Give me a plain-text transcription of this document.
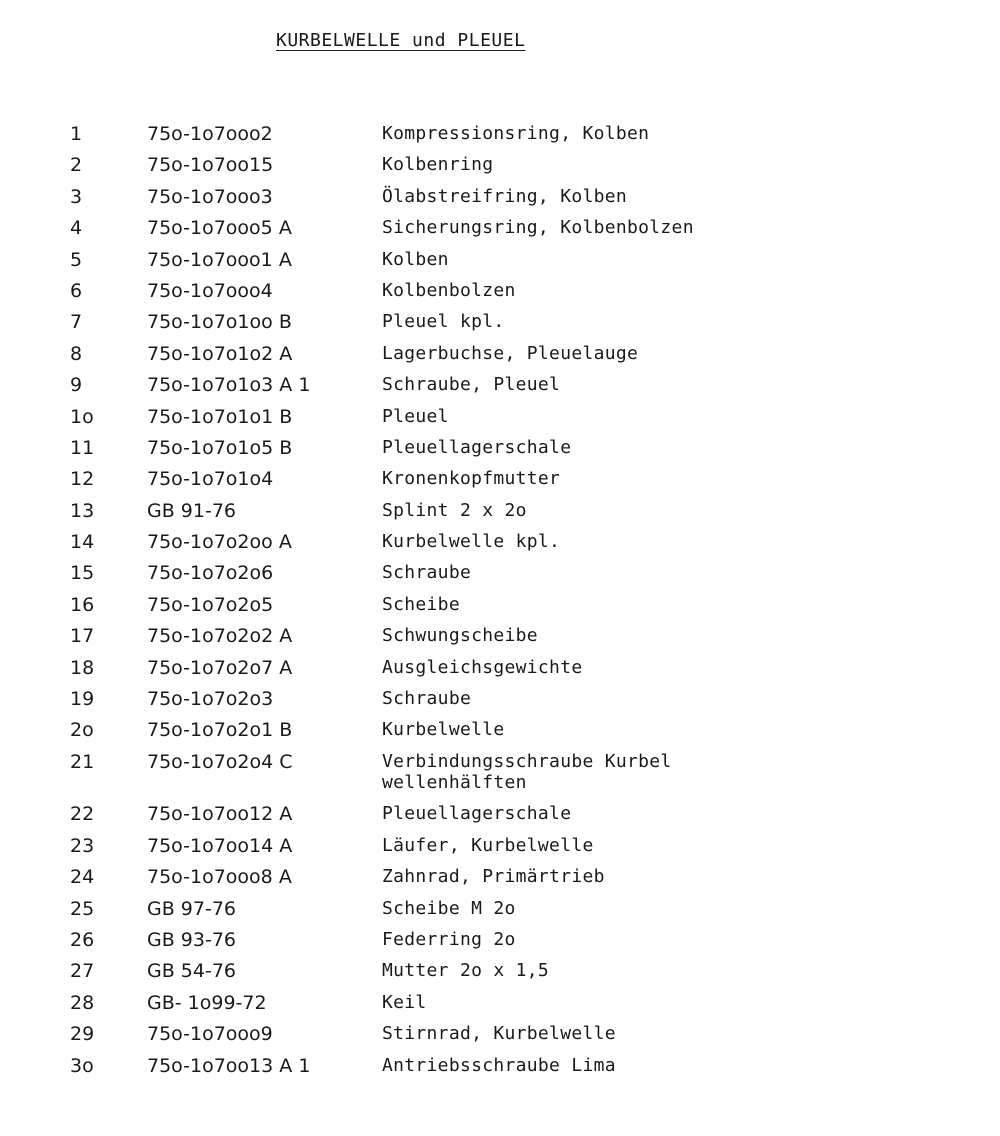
KURBELWELLE und PLEUEL
1	75o-1o7ooo2	Kompressionsring, Kolben
2	75o-1o7oo15	Kolbenring
3	75o-1o7ooo3	Ölabstreifring, Kolben
4	75o-1o7ooo5 A	Sicherungsring, Kolbenbolzen
5	75o-1o7ooo1 A	Kolben
6	75o-1o7ooo4	Kolbenbolzen
7	75o-1o7o1oo B	Pleuel kpl.
8	75o-1o7o1o2 A	Lagerbuchse, Pleuelauge
9	75o-1o7o1o3 A 1	Schraube, Pleuel
1o	75o-1o7o1o1 B	Pleuel
11	75o-1o7o1o5 B	Pleuellagerschale
12	75o-1o7o1o4	Kronenkopfmutter
13	GB 91-76	Splint 2 x 2o
14	75o-1o7o2oo A	Kurbelwelle kpl.
15	75o-1o7o2o6	Schraube
16	75o-1o7o2o5	Scheibe
17	75o-1o7o2o2 A	Schwungscheibe
18	75o-1o7o2o7 A	Ausgleichsgewichte
19	75o-1o7o2o3	Schraube
2o	75o-1o7o2o1 B	Kurbelwelle
21	75o-1o7o2o4 C	Verbindungsschraube Kurbel
wellenhälften
22	75o-1o7oo12 A	Pleuellagerschale
23	75o-1o7oo14 A	Läufer, Kurbelwelle
24	75o-1o7ooo8 A	Zahnrad, Primärtrieb
25	GB 97-76	Scheibe M 2o
26	GB 93-76	Federring 2o
27	GB 54-76	Mutter 2o x 1,5
28	GB- 1o99-72	Keil
29	75o-1o7ooo9	Stirnrad, Kurbelwelle
3o	75o-1o7oo13 A 1	Antriebsschraube Lima
